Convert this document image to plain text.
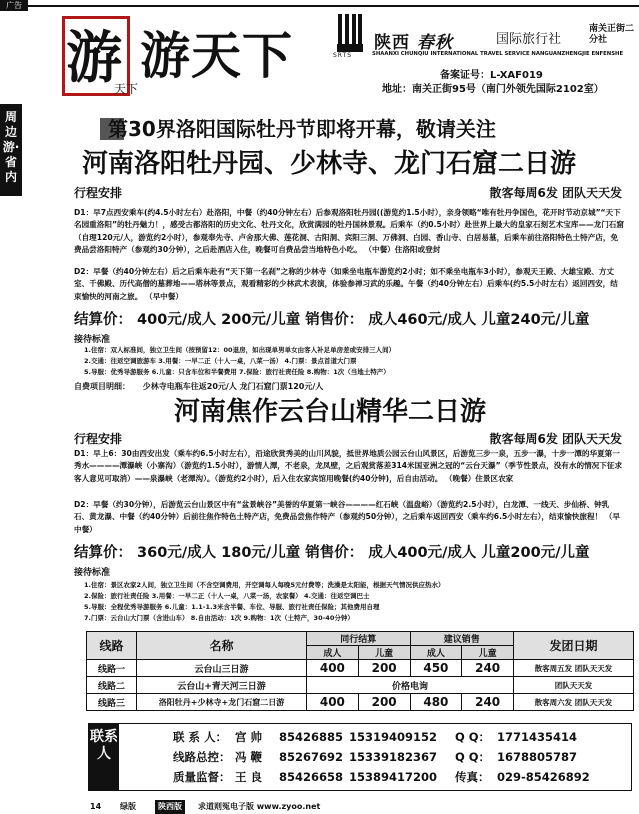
广告
游
天下
游天下	SRTS
陕西 春秋	国际旅行社
南关正街二分社
SHAANXI CHUNQIU INTERNATIONAL TRAVEL SERVICE NANGUANZHENGJIE ENFENSHE
备案证号：L-XAF019
地址：南关正街95号（南门外领先国际2102室）
周边游·省内
第30界洛阳国际牡丹节即将开幕，敬请关注
河南洛阳牡丹园、少林寺、龙门石窟二日游
行程安排	散客每周6发 团队天天发
D1：早7点西安乘车(约4.5小时左右）赴洛阳，中餐（约40分钟左右）后参观洛阳牡丹园((游览约1.5小时），亲身领略“唯有牡丹争国色，花开时节动京城”“天下名园重洛阳”的牡丹魅力！，感受古都洛阳的历史文化、牡丹文化，欣赏满园的牡丹国林景观。后乘车（约0.5小时）赴世界上最大的皇家石刻艺术宝库——龙门石窟（自理120元/人，游览约2小时），参观奉先寺、卢舍那大佛、莲花洞、古阳洞、宾阳三洞、万佛洞、白园、香山寺、白居易墓，后乘车前往洛阳特色土特产店，免费品尝洛阳特产（参观约30分钟），之后赴酒店入住，晚餐可自费品尝当地特色小吃。 （中餐）住洛阳或登封
D2：早餐（约40分钟左右）后之后乘车赴有“天下第一名刹”之称的少林寺（如乘坐电瓶车游览约2小时；如不乘坐电瓶车3小时），参观天王殿、大雄宝殿、方丈室、千佛殿、历代高僧的墓葬地——塔林等景点，观看精彩的少林武术表演，体验参禅习武的乐趣。午餐（约40分钟左右）后乘车(约5.5小时左右）返回西安，结束愉快的河南之旅。 （早中餐）
结算价： 400元/成人 200元/儿童 销售价： 成人460元/成人 儿童240元/儿童
接待标准
1.住宿：双人标准间，独立卫生间（按预留12：00退房，如出现单男单女由客人补足单房差或安排三人间）
2.交通：往返空调旅游车 3.用餐：一早二正（十人一桌，八菜一汤） 4.门票：景点首道大门票
5.导服：优秀导游服务 6.儿童：只含车位和半餐费用 7.保险：旅行社责任险 8.购物：1次（当地土特产）
自费项目明细： 少林寺电瓶车往返20元/人 龙门石窟门票120元/人
河南焦作云台山精华二日游
行程安排	散客每周6发 团队天天发
D1：早上6：30由西安出发（乘车约6.5小时左右），沿途欣赏秀美的山川风貌，抵世界地质公园云台山风景区，后游览三步一泉，五步一瀑，十步一潭的华夏第一秀水————潭瀑峡（小寨沟）（游览约1.5小时），游情人潭，不老泉，龙凤壁，之后观赏落差314米国亚洲之冠的“云台天瀑”（季节性景点，没有水的情况下征求客人意见可取消）——泉瀑峡（老潭沟）。（游览约2小时），后入住农家宾馆用晚餐(约40分钟)，后自由活动。 （晚餐）住景区农家
D2：早餐（约30分钟），后游览云台山景区中有“盆景峡谷”美誉的华夏第一峡谷————红石峡（温盘峪）（游览约2.5小时），白龙潭、一线天、步仙桥、钟乳石、黄龙瀑、中餐（约40分钟）后前往焦作特色土特产店，免费品尝焦作特产（参观约50分钟），之后乘车返回西安（乘车约6.5小时左右），结束愉快旅程！ （早中餐）
结算价： 360元/成人 180元/儿童 销售价： 成人400元/成人 儿童200元/儿童
接待标准
1.住宿：景区农家2人间，独立卫生间（不含空调费用，开空调每人每晚5元付费等；洗澡是太阳能，根据天气情况供应热水）
2.保险：旅行社责任险 3.用餐：一早二正（十人一桌，八菜一汤，农家餐） 4.交通：往返空调巴士
5.导服：全程优秀导游服务 6.儿童：1.1-1.3米含半餐、车位、导服、旅行社责任保险；其他费用自理
7.门票：云台山大门票（含进山车） 8.自由活动：1次 9.购物：1次（土特产，30-40分钟）
线路	名称	同行结算		建议销售		发团日期
		成人	儿童	成人	儿童	
线路一	云台山三日游	400	200	450	240	散客周五发 团队天天发
线路二	云台山+青天河三日游	价格电询				团队天天发
线路三	洛阳牡丹+少林寺+龙门石窟二日游	400	200	480	240	散客周六发 团队天天发
联系人
联 系 人： 宫 帅 85426885 15319409152 Q Q： 1771435414
线路总控： 冯 鞭 85267692 15339182367 Q Q： 1678805787
质量监督： 王 良 85426658 15389417200 传真： 029-85426892
14 绿版	陕西版	求道则冤电子版 www.zyoo.net
